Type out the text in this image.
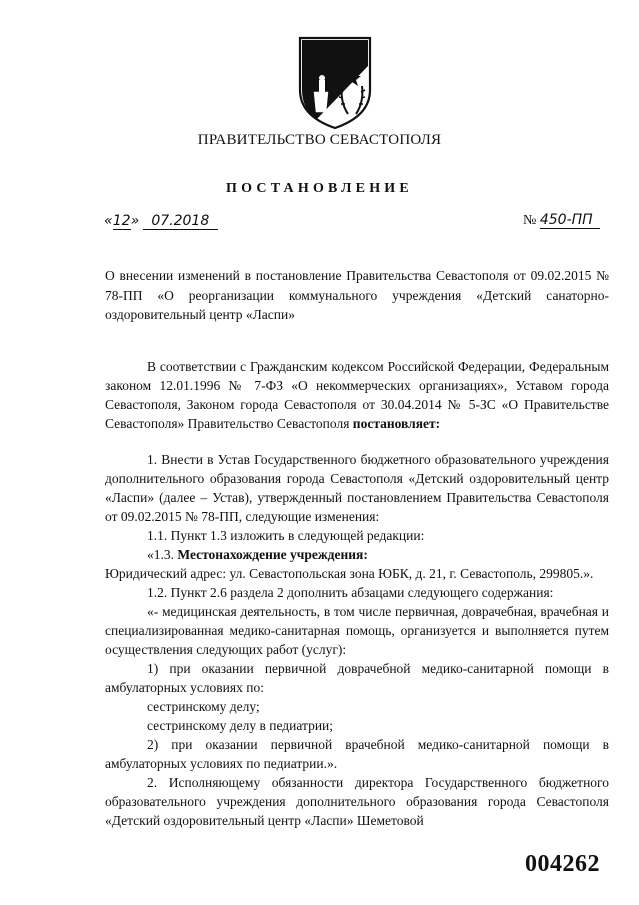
ПРАВИТЕЛЬСТВО СЕВАСТОПОЛЯ
ПОСТАНОВЛЕНИЕ
«12» 07.2018	№ 450-ПП
О внесении изменений в постановление Правительства Севастополя от 09.02.2015 № 78-ПП «О реорганизации коммунального учреждения «Детский санаторно-оздоровительный центр «Ласпи»

В соответствии с Гражданским кодексом Российской Федерации, Федеральным законом 12.01.1996 № 7-ФЗ «О некоммерческих организациях», Уставом города Севастополя, Законом города Севастополя от 30.04.2014 № 5-ЗС «О Правительстве Севастополя» Правительство Севастополя постановляет:

1. Внести в Устав Государственного бюджетного образовательного учреждения дополнительного образования города Севастополя «Детский оздоровительный центр «Ласпи» (далее – Устав), утвержденный постановлением Правительства Севастополя от 09.02.2015 № 78-ПП, следующие изменения:

1.1. Пункт 1.3 изложить в следующей редакции:

«1.3. Местонахождение учреждения:

Юридический адрес: ул. Севастопольская зона ЮБК, д. 21, г. Севастополь, 299805.».

1.2. Пункт 2.6 раздела 2 дополнить абзацами следующего содержания:

«- медицинская деятельность, в том числе первичная, доврачебная, врачебная и специализированная медико-санитарная помощь, организуется и выполняется путем осуществления следующих работ (услуг):

1) при оказании первичной доврачебной медико-санитарной помощи в амбулаторных условиях по:

сестринскому делу;

сестринскому делу в педиатрии;

2) при оказании первичной врачебной медико-санитарной помощи в амбулаторных условиях по педиатрии.».

2. Исполняющему обязанности директора Государственного бюджетного образовательного учреждения дополнительного образования города Севастополя «Детский оздоровительный центр «Ласпи» Шеметовой

004262
